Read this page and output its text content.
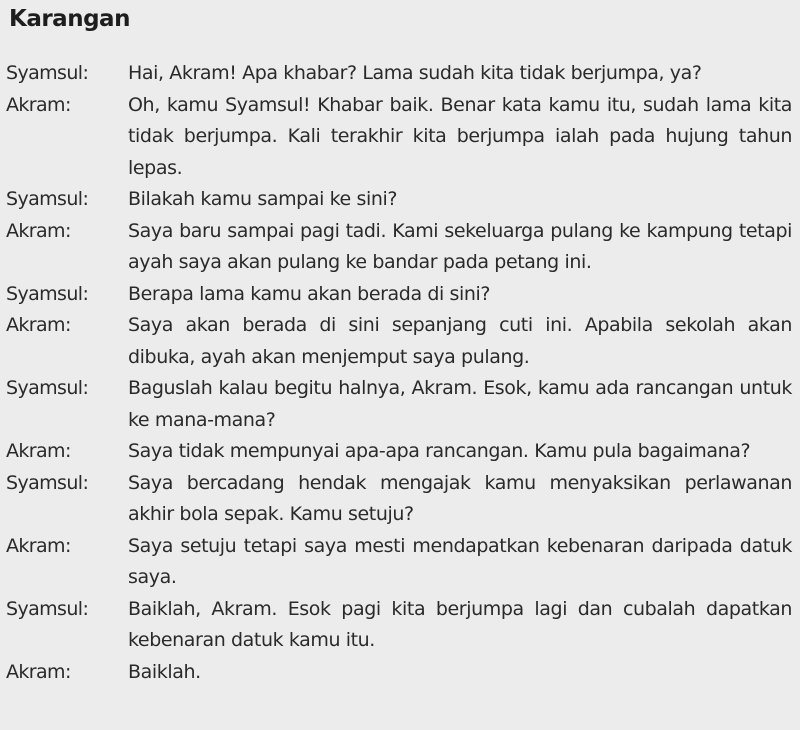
Karangan
Syamsul:	Hai, Akram! Apa khabar? Lama sudah kita tidak berjumpa, ya?
Akram:	Oh, kamu Syamsul! Khabar baik. Benar kata kamu itu, sudah lama kita tidak berjumpa. Kali terakhir kita berjumpa ialah pada hujung tahun lepas.
Syamsul:	Bilakah kamu sampai ke sini?
Akram:	Saya baru sampai pagi tadi. Kami sekeluarga pulang ke kampung tetapi ayah saya akan pulang ke bandar pada petang ini.
Syamsul:	Berapa lama kamu akan berada di sini?
Akram:	Saya akan berada di sini sepanjang cuti ini. Apabila sekolah akan dibuka, ayah akan menjemput saya pulang.
Syamsul:	Baguslah kalau begitu halnya, Akram. Esok, kamu ada rancangan untuk ke mana-mana?
Akram:	Saya tidak mempunyai apa-apa rancangan. Kamu pula bagaimana?
Syamsul:	Saya bercadang hendak mengajak kamu menyaksikan perlawanan akhir bola sepak. Kamu setuju?
Akram:	Saya setuju tetapi saya mesti mendapatkan kebenaran daripada datuk saya.
Syamsul:	Baiklah, Akram. Esok pagi kita berjumpa lagi dan cubalah dapatkan kebenaran datuk kamu itu.
Akram:	Baiklah.
